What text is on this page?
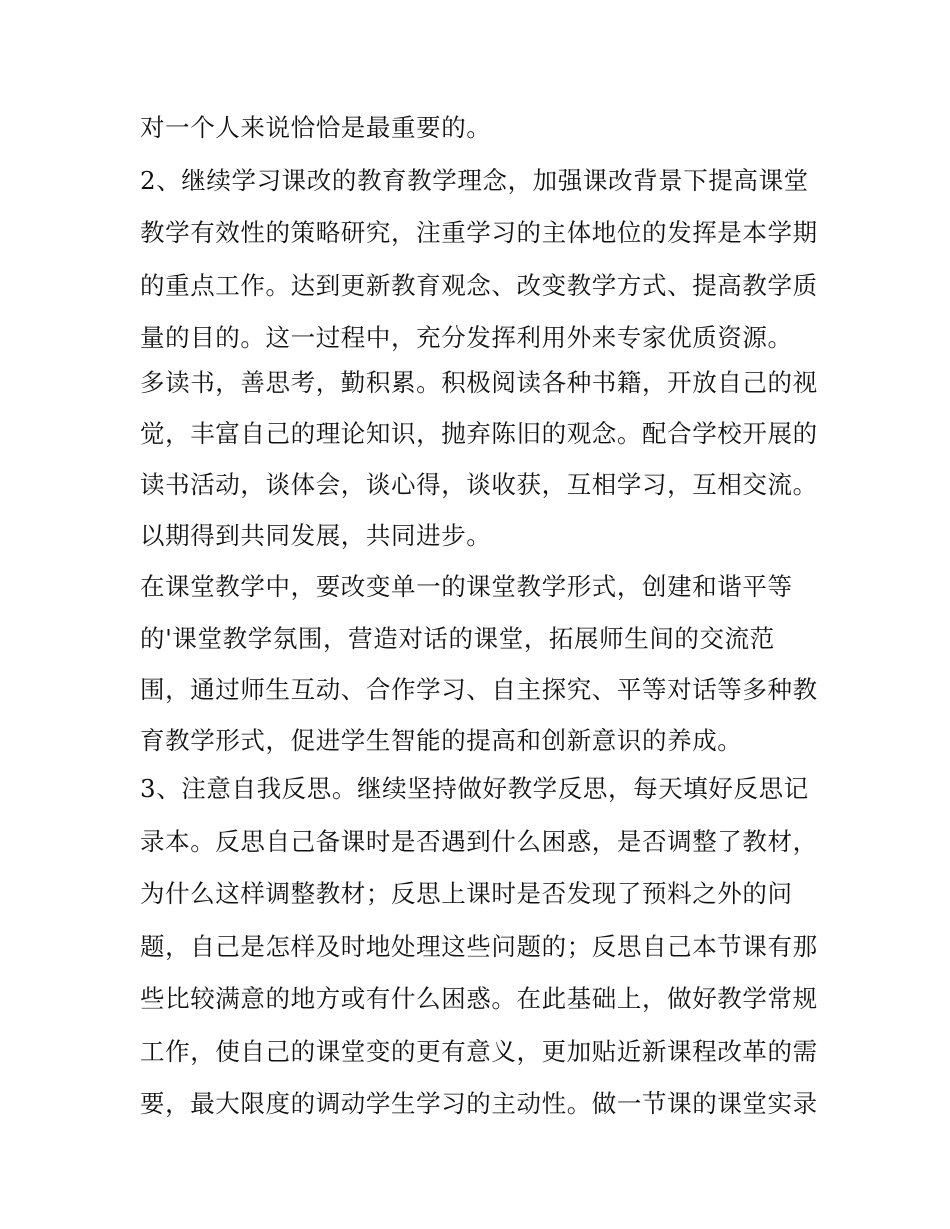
对一个人来说恰恰是最重要的。
2、继续学习课改的教育教学理念，加强课改背景下提高课堂
教学有效性的策略研究，注重学习的主体地位的发挥是本学期
的重点工作。达到更新教育观念、改变教学方式、提高教学质
量的目的。这一过程中，充分发挥利用外来专家优质资源。
多读书，善思考，勤积累。积极阅读各种书籍，开放自己的视
觉，丰富自己的理论知识，抛弃陈旧的观念。配合学校开展的
读书活动，谈体会，谈心得，谈收获，互相学习，互相交流。
以期得到共同发展，共同进步。
在课堂教学中，要改变单一的课堂教学形式，创建和谐平等
的'课堂教学氛围，营造对话的课堂，拓展师生间的交流范
围，通过师生互动、合作学习、自主探究、平等对话等多种教
育教学形式，促进学生智能的提高和创新意识的养成。
3、注意自我反思。继续坚持做好教学反思，每天填好反思记
录本。反思自己备课时是否遇到什么困惑，是否调整了教材，
为什么这样调整教材；反思上课时是否发现了预料之外的问
题，自己是怎样及时地处理这些问题的；反思自己本节课有那
些比较满意的地方或有什么困惑。在此基础上，做好教学常规
工作，使自己的课堂变的更有意义，更加贴近新课程改革的需
要，最大限度的调动学生学习的主动性。做一节课的课堂实录
